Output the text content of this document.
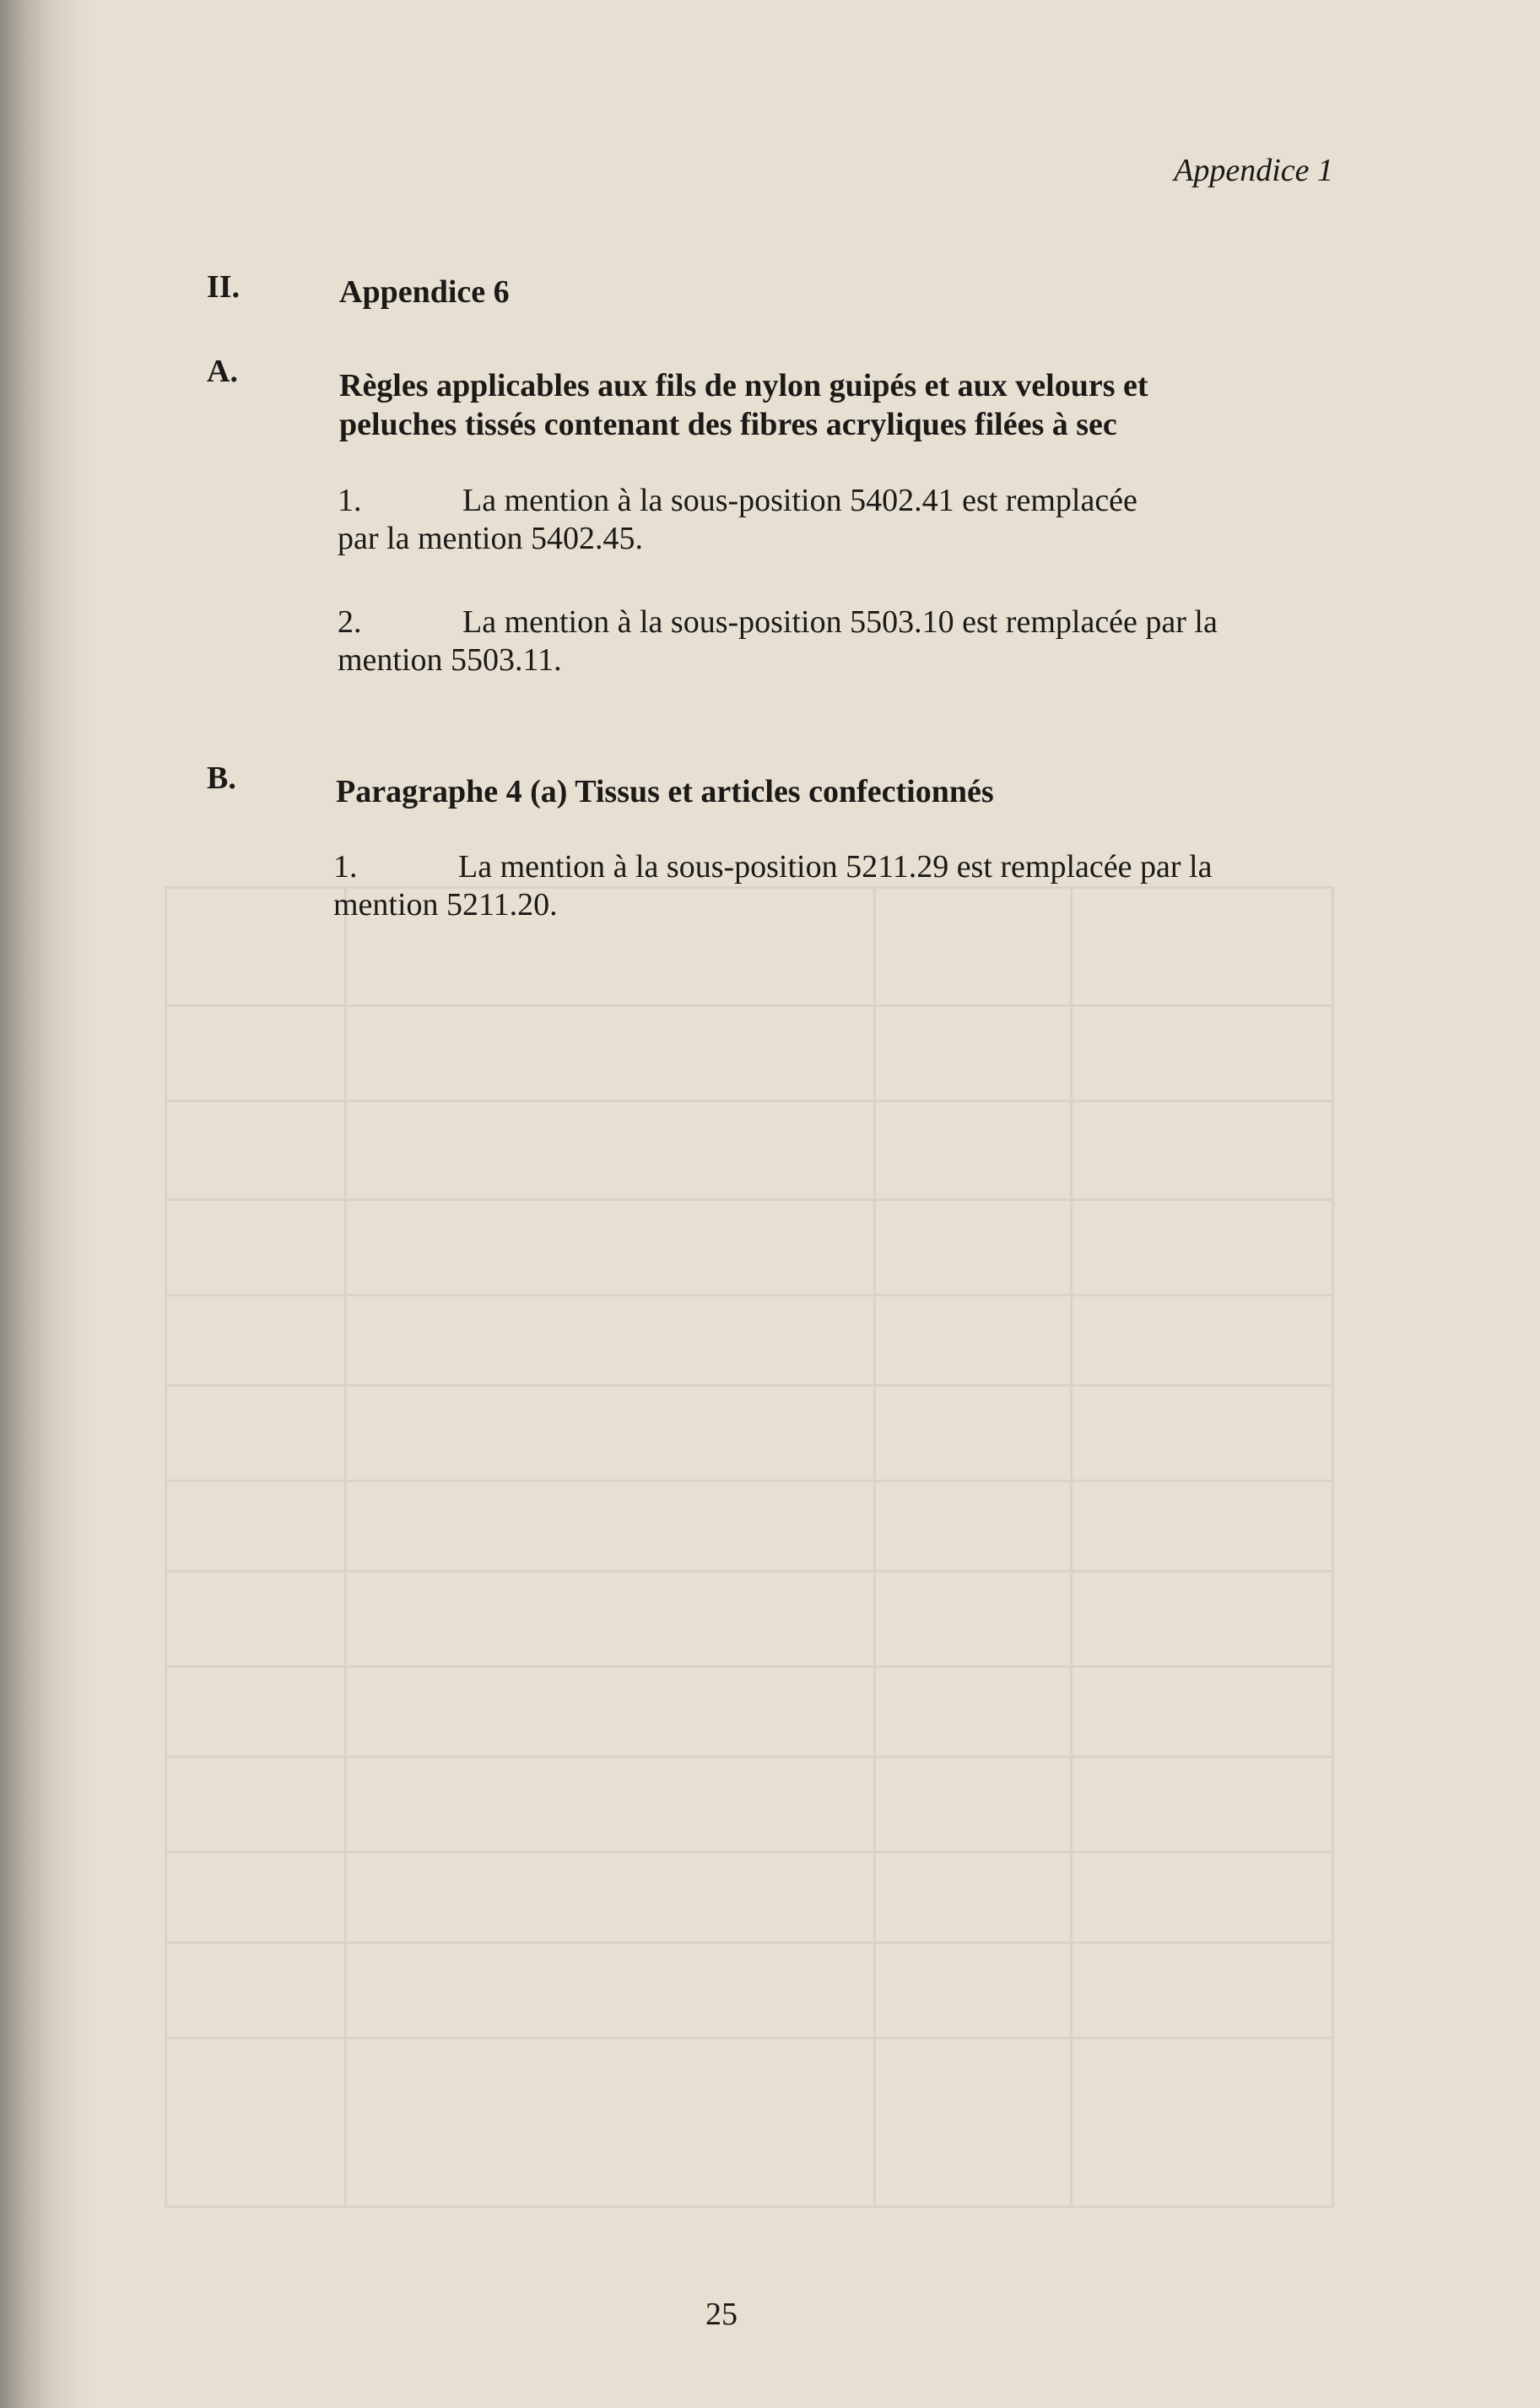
Appendice 1
II.	Appendice 6
A.	Règles applicables aux fils de nylon guipés et aux velours et
peluches tissés contenant des fibres acryliques filées à sec
1.	La mention à la sous-position 5402.41 est remplacée
par la mention 5402.45.
2.	La mention à la sous-position 5503.10 est remplacée par la
mention 5503.11.
B.	Paragraphe 4 (a) Tissus et articles confectionnés
1.	La mention à la sous-position 5211.29 est remplacée par la
mention 5211.20.
25
